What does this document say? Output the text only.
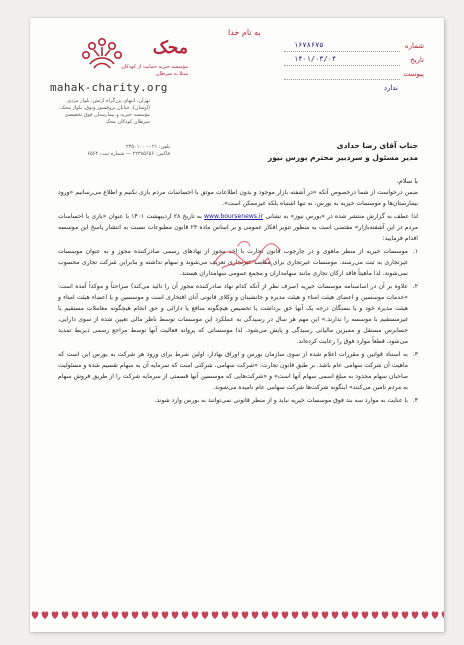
محک
مؤسسه خیریه حمایت از کودکان مبتلا به سرطان
mahak-charity.org
تهران، انتهای بزرگراه ارتش، بلوار مژدی (اوشان)، خیابان پروفسور وثوق، بلوار محک، مؤسسه خیریه و بیمارستان فوق تخصصی سرطان کودکان محک
تلفن: ۰۲۱-۲۳۵۰۱۰۰۰
فاکس: ۲۲۳۸۵۶۵۶ — شماره ثبت: ۶۵۶۴
به نام خدا
شماره
۱۶۷۸۶۷۵
تاریخ
۱۴۰۱/۰۳/۰۴
پیوست
ندارد

جناب آقای رضا حدادی

مدیر مسئول و سردبیر محترم بورس نیوز

با سلام،

ضمن درخواست از شما درخصوص آنکه «در آشفته بازار موجود و بدون اطلاعات موثق با احساسات مردم بازی نکنیم و اطلاع می‌رسانیم «ورود بیمارستان‌ها و موسسات خیریه به بورس، نه تنها اشتباه بلکه غیرممکن است».

لذا عطف به گزارش منتشر شده در «بورس نیوز» به نشانی www.boursenews.ir به تاریخ ۲۸ اردیبهشت ۱۴۰۱ با عنوان «بازی با احساسات مردم در این آشفته‌بازار» مقتضی است به منظور تنویر افکار عمومی و بر اساس ماده ۲۳ قانون مطبوعات نسبت به انتشار پاسخ این موسسه اقدام فرمایید:

۱.
موسسات خیریه از منظر ماهوی و در چارچوب قانون تجارت با اخذ مجوز از نهادهای رسمی صادرکننده مجوز و به عنوان موسسات غیرتجاری به ثبت می‌رسند. موسسات غیرتجاری برای مقاصد غیرتجاری تعریف می‌شوند و سهام نداشته و بنابراین شرکت تجاری محسوب نمی‌شوند. لذا ماهیتاً فاقد ارکان تجاری مانند سهامداران و مجمع عمومی سهامداران هستند.
۲.
علاوه بر آن در اساسنامه موسسات خیریه (صرف نظر از آنکه کدام نهاد صادرکننده مجوز آن را تائید می‌کند) صراحتاً و موکداً آمده است: «خدمات موسسین و اعضای هیئت امناء و هیئت مدیره و جانشینان و وکلای قانونی آنان افتخاری است و موسسین و یا اعضاء هیئت امناء و هیئت مدیره خود و یا بستگان درجه یک آنها حق برداشت یا تخصیص هیچگونه منافع یا دارائی و حق انجام هیچگونه معاملات مستقیم یا غیرمستقیم با موسسه را ندارند.» این مهم هر سال در رسیدگی به عملکرد این موسسات توسط ناظر مالی تعیین شده از سوی دارایی، حسابرس مستقل و ممیزین مالیاتی رسیدگی و پایش می‌شود. لذا موسساتی که پروانه فعالیت آنها توسط مراجع رسمی ذیربط تمدید می‌شود، قطعاً موارد فوق را رعایت کرده‌اند.
۳.
به استناد قوانین و مقررات اعلام شده از سوی سازمان بورس و اوراق بهادار، اولین شرط برای ورود هر شرکت به بورس این است که ماهیت آن شرکت سهامی عام باشد. بر طبق قانون تجارت: «شرکت سهامی، شرکتی است که سرمایه آن به سهام تقسیم شده و مسئولیت صاحبان سهام محدود به مبلغ اسمی سهام آنها است» و «شرکت‌هایی که موسسین آنها قسمتی از سرمایه شرکت را از طریق فروش سهام به مردم تامین می‌کنند» اینگونه شرکت‌ها شرکت سهامی عام نامیده می‌شوند.
۴.
با عنایت به موارد سه بند فوق موسسات خیریه نباید و از منظر قانونی نمی‌توانند به بورس وارد شوند.
